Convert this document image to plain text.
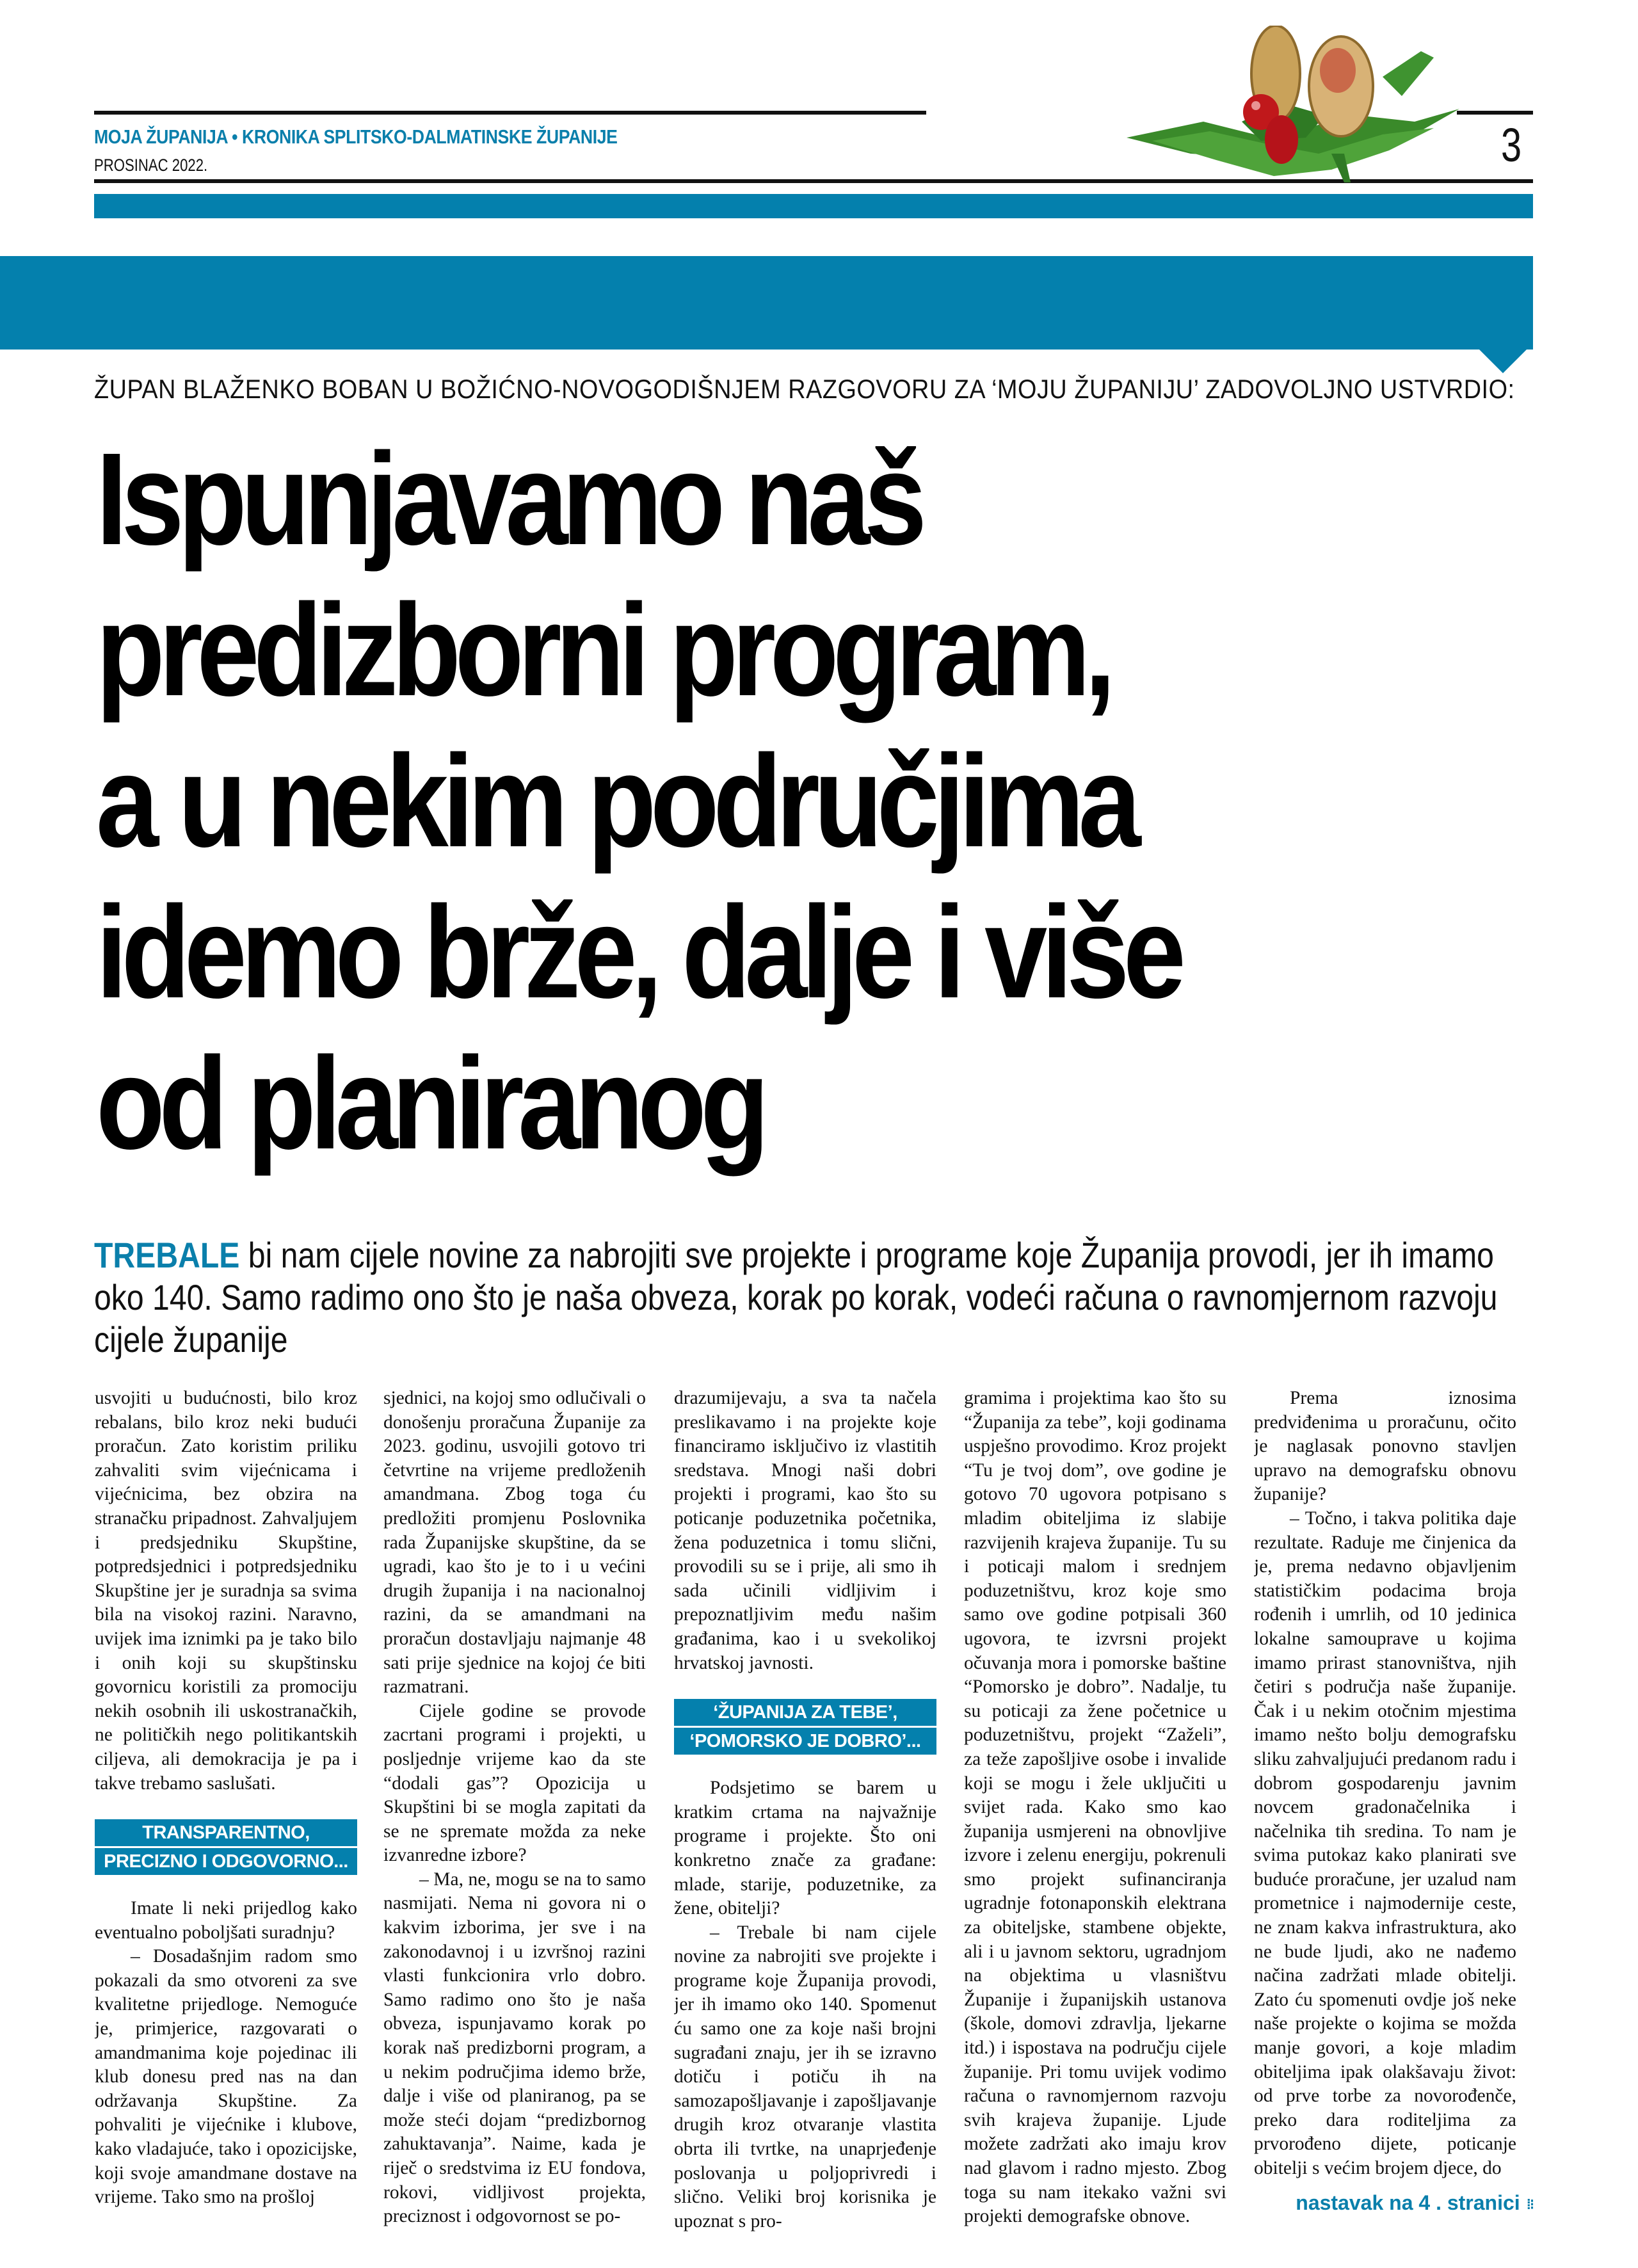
MOJA ŽUPANIJA • KRONIKA SPLITSKO-DALMATINSKE ŽUPANIJE
PROSINAC 2022.	3
ŽUPAN BLAŽENKO BOBAN U BOŽIĆNO-NOVOGODIŠNJEM RAZGOVORU ZA ‘MOJU ŽUPANIJU’ ZADOVOLJNO USTVRDIO:
Ispunjavamo naš
predizborni program,
a u nekim područjima
idemo brže, dalje i više
od planiranog
TREBALE bi nam cijele novine za nabrojiti sve projekte i programe koje Županija provodi, jer ih imamo oko 140. Samo radimo ono što je naša obveza, korak po korak, vodeći računa o ravnomjernom razvoju cijele županije

usvojiti u budućnosti, bilo kroz rebalans, bilo kroz neki budući proračun. Zato koristim priliku zahvaliti svim vijećnicama i vijećnicima, bez obzira na stranačku pripadnost. Zahvaljujem i predsjedniku Skupštine, potpredsjednici i potpredsjedniku Skupštine jer je suradnja sa svima bila na visokoj razini. Naravno, uvijek ima iznimki pa je tako bilo i onih koji su skupštinsku govornicu koristili za promociju nekih osobnih ili uskostranačkih, ne političkih nego politikantskih ciljeva, ali demokracija je pa i takve trebamo saslušati.

TRANSPARENTNO,
PRECIZNO I ODGOVORNO...

Imate li neki prijedlog kako eventualno poboljšati suradnju?

– Dosadašnjim radom smo pokazali da smo otvoreni za sve kvalitetne prijedloge. Nemoguće je, primjerice, razgovarati o amandmanima koje pojedinac ili klub donesu pred nas na dan održavanja Skupštine. Za pohvaliti je vijećnike i klubove, kako vladajuće, tako i opozicijske, koji svoje amandmane dostave na vrijeme. Tako smo na prošloj

sjednici, na kojoj smo odlučivali o donošenju proračuna Županije za 2023. godinu, usvojili gotovo tri četvrtine na vrijeme predloženih amandmana. Zbog toga ću predložiti promjenu Poslovnika rada Županijske skupštine, da se ugradi, kao što je to i u većini drugih županija i na nacionalnoj razini, da se amandmani na proračun dostavljaju najmanje 48 sati prije sjednice na kojoj će biti razmatrani.

Cijele godine se provode zacrtani programi i projekti, u posljednje vrijeme kao da ste “dodali gas”? Opozicija u Skupštini bi se mogla zapitati da se ne spremate možda za neke izvanredne izbore?

– Ma, ne, mogu se na to samo nasmijati. Nema ni govora ni o kakvim izborima, jer sve i na zakonodavnoj i u izvršnoj razini vlasti funkcionira vrlo dobro. Samo radimo ono što je naša obveza, ispunjavamo korak po korak naš predizborni program, a u nekim područjima idemo brže, dalje i više od planiranog, pa se može steći dojam “predizbornog zahuktavanja”. Naime, kada je riječ o sredstvima iz EU fondova, rokovi, vidljivost projekta, preciznost i odgovornost se po-

drazumijevaju, a sva ta načela preslikavamo i na projekte koje financiramo isključivo iz vlastitih sredstava. Mnogi naši dobri projekti i programi, kao što su poticanje poduzetnika početnika, žena poduzetnica i tomu slični, provodili su se i prije, ali smo ih sada učinili vidljivim i prepoznatljivim među našim građanima, kao i u svekolikoj hrvatskoj javnosti.

‘ŽUPANIJA ZA TEBE’,
‘POMORSKO JE DOBRO’...

Podsjetimo se barem u kratkim crtama na najvažnije programe i projekte. Što oni konkretno znače za građane: mlade, starije, poduzetnike, za žene, obitelji?

– Trebale bi nam cijele novine za nabrojiti sve projekte i programe koje Županija provodi, jer ih imamo oko 140. Spomenut ću samo one za koje naši brojni sugrađani znaju, jer ih se izravno dotiču i potiču ih na samozapošljavanje i zapošljavanje drugih kroz otvaranje vlastita obrta ili tvrtke, na unaprjeđenje poslovanja u poljoprivredi i slično. Veliki broj korisnika je upoznat s pro-

gramima i projektima kao što su “Županija za tebe”, koji godinama uspješno provodimo. Kroz projekt “Tu je tvoj dom”, ove godine je gotovo 70 ugovora potpisano s mladim obiteljima iz slabije razvijenih krajeva županije. Tu su i poticaji malom i srednjem poduzetništvu, kroz koje smo samo ove godine potpisali 360 ugovora, te izvrsni projekt očuvanja mora i pomorske baštine “Pomorsko je dobro”. Nadalje, tu su poticaji za žene početnice u poduzetništvu, projekt “Zaželi”, za teže zapošljive osobe i invalide koji se mogu i žele uključiti u svijet rada. Kako smo kao županija usmjereni na obnovljive izvore i zelenu energiju, pokrenuli smo projekt sufinanciranja ugradnje fotonaponskih elektrana za obiteljske, stambene objekte, ali i u javnom sektoru, ugradnjom na objektima u vlasništvu Županije i županijskih ustanova (škole, domovi zdravlja, ljekarne itd.) i ispostava na području cijele županije. Pri tomu uvijek vodimo računa o ravnomjernom razvoju svih krajeva županije. Ljude možete zadržati ako imaju krov nad glavom i radno mjesto. Zbog toga su nam itekako važni svi projekti demografske obnove.

Prema iznosima predviđenima u proračunu, očito je naglasak ponovno stavljen upravo na demografsku obnovu županije?

– Točno, i takva politika daje rezultate. Raduje me činjenica da je, prema nedavno objavljenim statističkim podacima broja rođenih i umrlih, od 10 jedinica lokalne samouprave u kojima imamo prirast stanovništva, njih četiri s područja naše županije. Čak i u nekim otočnim mjestima imamo nešto bolju demografsku sliku zahvaljujući predanom radu i dobrom gospodarenju javnim novcem gradonačelnika i načelnika tih sredina. To nam je svima putokaz kako planirati sve buduće proračune, jer uzalud nam prometnice i najmodernije ceste, ne znam kakva infrastruktura, ako ne bude ljudi, ako ne nađemo načina zadržati mlade obitelji. Zato ću spomenuti ovdje još neke naše projekte o kojima se možda manje govori, a koje mladim obiteljima ipak olakšavaju život: od prve torbe za novorođenče, preko dara roditeljima za prvorođeno dijete, poticanje obitelji s većim brojem djece, do

nastavak na 4 . stranici ⁞⁝
